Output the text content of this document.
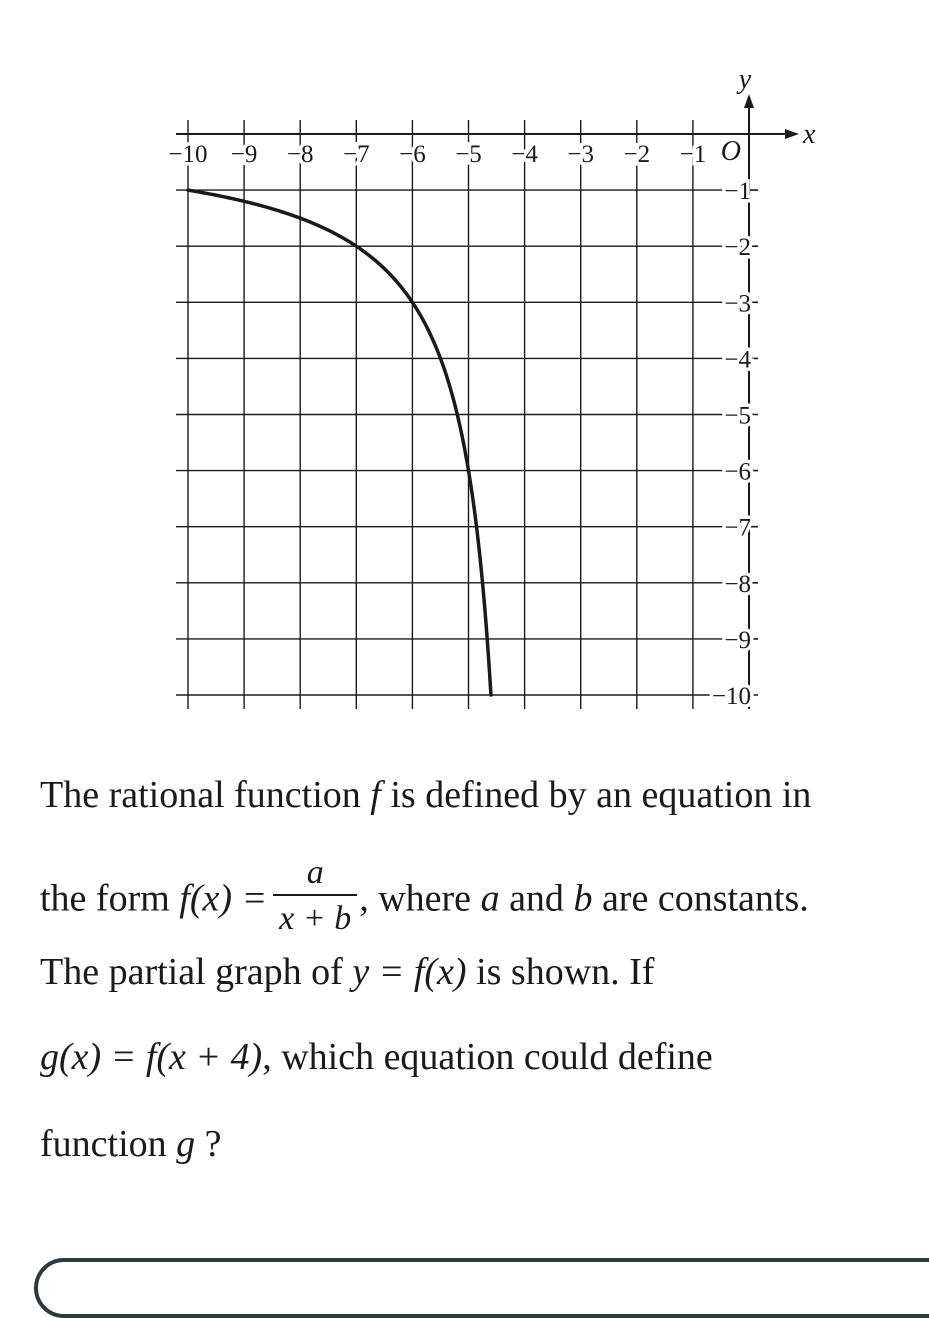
−10 −9 −8 −7 −6 −5 −4 −3 −2 −1
−1
−2
−3
−4
−5
−6
−7
−8
−9
−10
O
x
y
The rational function f is defined by an equation in
the form $f(x) = \frac{a}{x + b}$ , where a and b are constants.
The partial graph of y = f(x) is shown. If
g(x) = f(x + 4), which equation could define
function g ?
